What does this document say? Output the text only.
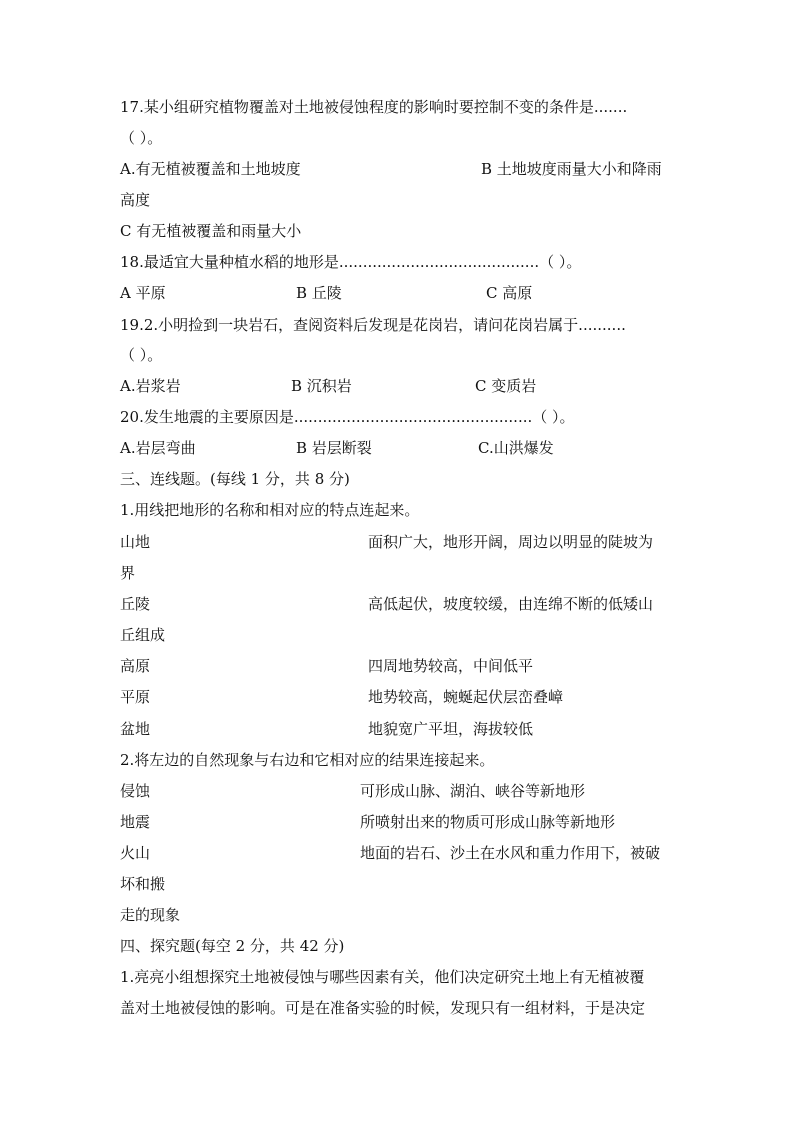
17.某小组研究植物覆盖对土地被侵蚀程度的影响时要控制不变的条件是.......
（ ）。
A.有无植被覆盖和土地坡度	B 土地坡度雨量大小和降雨
高度
C 有无植被覆盖和雨量大小
18.最适宜大量种植水稻的地形是..........................................（ ）。
A 平原	B 丘陵	C 高原
19.2.小明捡到一块岩石，查阅资料后发现是花岗岩，请问花岗岩属于..........
（ ）。
A.岩浆岩	B 沉积岩	C 变质岩
20.发生地震的主要原因是..................................................（ ）。
A.岩层弯曲	B 岩层断裂	C.山洪爆发
三、连线题。(每线 1 分，共 8 分)
1.用线把地形的名称和相对应的特点连起来。
山地	面积广大，地形开阔，周边以明显的陡坡为
界
丘陵	高低起伏，坡度较缓，由连绵不断的低矮山
丘组成
高原	四周地势较高，中间低平
平原	地势较高，蜿蜒起伏层峦叠嶂
盆地	地貌宽广平坦，海拔较低
2.将左边的自然现象与右边和它相对应的结果连接起来。
侵蚀	可形成山脉、湖泊、峡谷等新地形
地震	所喷射出来的物质可形成山脉等新地形
火山	地面的岩石、沙土在水风和重力作用下，被破
坏和搬
走的现象
四、探究题(每空 2 分，共 42 分)
1.亮亮小组想探究土地被侵蚀与哪些因素有关，他们决定研究土地上有无植被覆
盖对土地被侵蚀的影响。可是在准备实验的时候，发现只有一组材料，于是决定
